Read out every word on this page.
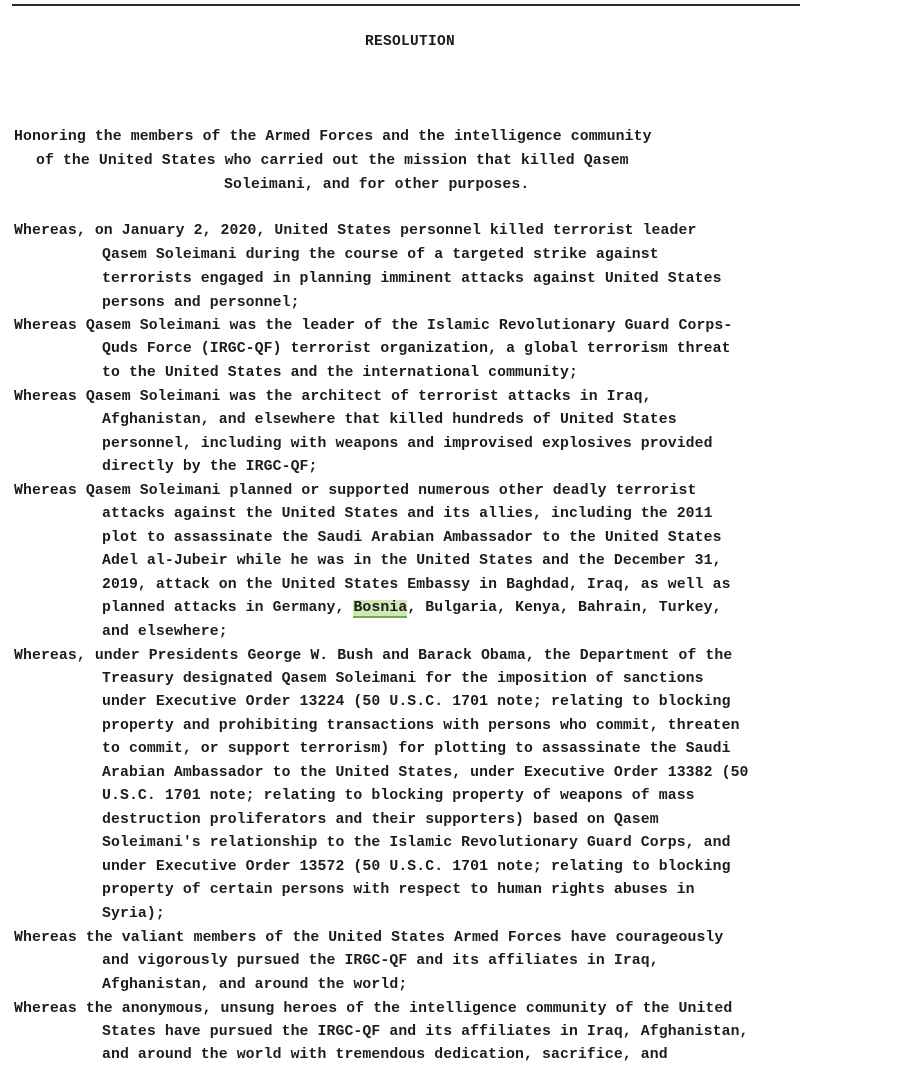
RESOLUTION
Honoring the members of the Armed Forces and the intelligence community
of the United States who carried out the mission that killed Qasem
Soleimani, and for other purposes.
Whereas, on January 2, 2020, United States personnel killed terrorist leader
Qasem Soleimani during the course of a targeted strike against
terrorists engaged in planning imminent attacks against United States
persons and personnel;
Whereas Qasem Soleimani was the leader of the Islamic Revolutionary Guard Corps-
Quds Force (IRGC-QF) terrorist organization, a global terrorism threat
to the United States and the international community;
Whereas Qasem Soleimani was the architect of terrorist attacks in Iraq,
Afghanistan, and elsewhere that killed hundreds of United States
personnel, including with weapons and improvised explosives provided
directly by the IRGC-QF;
Whereas Qasem Soleimani planned or supported numerous other deadly terrorist
attacks against the United States and its allies, including the 2011
plot to assassinate the Saudi Arabian Ambassador to the United States
Adel al-Jubeir while he was in the United States and the December 31,
2019, attack on the United States Embassy in Baghdad, Iraq, as well as
planned attacks in Germany, Bosnia, Bulgaria, Kenya, Bahrain, Turkey,
and elsewhere;
Whereas, under Presidents George W. Bush and Barack Obama, the Department of the
Treasury designated Qasem Soleimani for the imposition of sanctions
under Executive Order 13224 (50 U.S.C. 1701 note; relating to blocking
property and prohibiting transactions with persons who commit, threaten
to commit, or support terrorism) for plotting to assassinate the Saudi
Arabian Ambassador to the United States, under Executive Order 13382 (50
U.S.C. 1701 note; relating to blocking property of weapons of mass
destruction proliferators and their supporters) based on Qasem
Soleimani's relationship to the Islamic Revolutionary Guard Corps, and
under Executive Order 13572 (50 U.S.C. 1701 note; relating to blocking
property of certain persons with respect to human rights abuses in
Syria);
Whereas the valiant members of the United States Armed Forces have courageously
and vigorously pursued the IRGC-QF and its affiliates in Iraq,
Afghanistan, and around the world;
Whereas the anonymous, unsung heroes of the intelligence community of the United
States have pursued the IRGC-QF and its affiliates in Iraq, Afghanistan,
and around the world with tremendous dedication, sacrifice, and
